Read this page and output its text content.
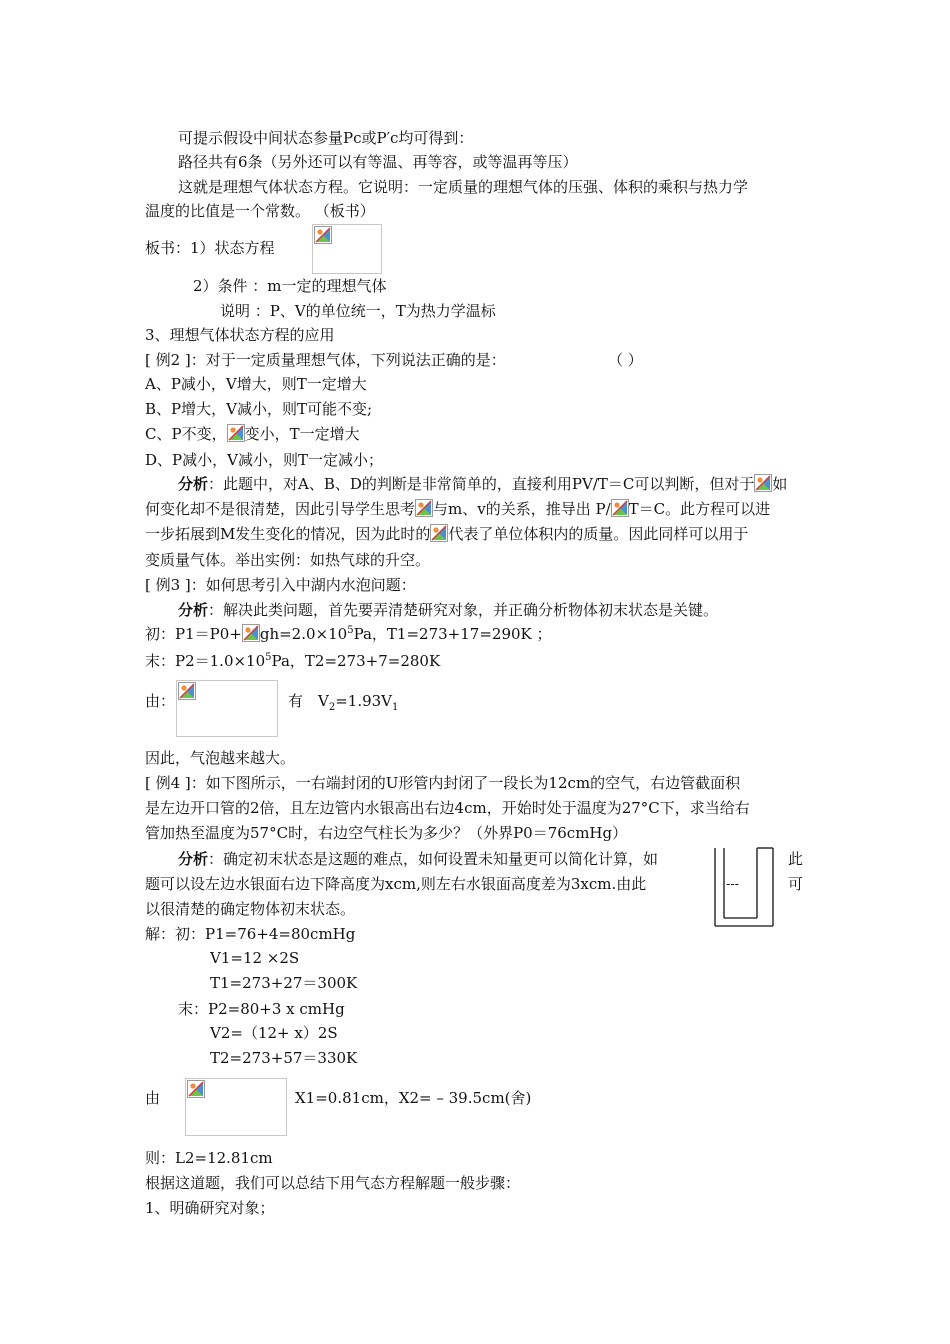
可提示假设中间状态参量Pc或P′c均可得到：
路径共有6条（另外还可以有等温、再等容，或等温再等压）
这就是理想气体状态方程。它说明：一定质量的理想气体的压强、体积的乘积与热力学
温度的比值是一个常数。 （板书）
板书：1）状态方程
2）条件 ：m一定的理想气体
说明 ：P、V的单位统一，T为热力学温标
3、理想气体状态方程的应用
[ 例2 ]：对于一定质量理想气体，下列说法正确的是：	（ ）
A、P减小，V增大，则T一定增大
B、P增大，V减小，则T可能不变;
C、P不变， 变小，T一定增大
D、P减小，V减小，则T一定减小；
分析：此题中，对A、B、D的判断是非常简单的，直接利用PV/T＝C可以判断，但对于 如
何变化却不是很清楚，因此引导学生思考 与m、v的关系，推导出 P/ T＝C。此方程可以进
一步拓展到M发生变化的情况，因为此时的 代表了单位体积内的质量。因此同样可以用于
变质量气体。举出实例：如热气球的升空。
[ 例3 ]：如何思考引入中湖内水泡问题：
分析：解决此类问题，首先要弄清楚研究对象，并正确分析物体初末状态是关键。
初：$P1=P0+ gh=2.0\times 10^5Pa$，T1=273+17=290K ；
末：$P2=1.0\times 10^5Pa$，T2=273+7=280K
由：	有 $V_2=1.93V_1$
因此，气泡越来越大。
[ 例4 ]：如下图所示，一右端封闭的U形管内封闭了一段长为12cm的空气，右边管截面积
是左边开口管的2倍，且左边管内水银高出右边4cm，开始时处于温度为27°C下，求当给右
管加热至温度为57°C时，右边空气柱长为多少？（外界P0＝76cmHg）
分析：确定初末状态是这题的难点，如何设置未知量更可以简化计算，如	此
题可以设左边水银面右边下降高度为xcm,则左右水银面高度差为3xcm.由此	可
以很清楚的确定物体初末状态。
---
解：初：P1=76+4=80cmHg
V1=12 ×2S
T1=273+27＝300K
末：P2=80+3 x cmHg
V2=（12+ x）2S
T2=273+57＝330K
由	X1=0.81cm，X2= – 39.5cm(舍)
则：L2=12.81cm
根据这道题，我们可以总结下用气态方程解题一般步骤：
1、明确研究对象；
